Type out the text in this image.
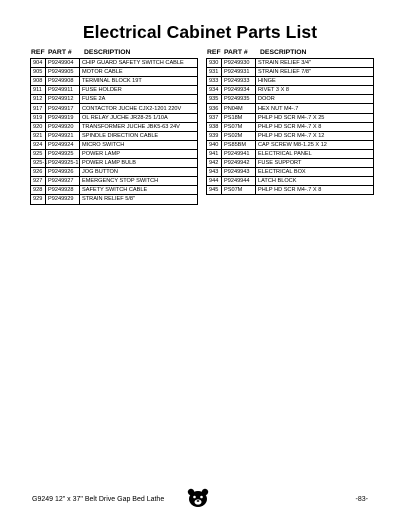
Electrical Cabinet Parts List
REF PART #	DESCRIPTION
904	P9249904	CHIP GUARD SAFETY SWITCH CABLE
905	P9249905	MOTOR CABLE
908	P9249908	TERMINAL BLOCK 19T
911	P9249911	FUSE HOLDER
912	P9249912	FUSE 2A
917	P9249917	CONTACTOR JUCHE CJX2-1201 220V
919	P9249919	OL RELAY JUCHE JR28-25 1/10A
920	P9249920	TRANSFORMER JUCHE JBK5-63 24V
921	P9249921	SPINDLE DIRECTION CABLE
924	P9249924	MICRO SWITCH
925	P9249925	POWER LAMP
925-1	P9249925-1	POWER LAMP BULB
926	P9249926	JOG BUTTON
927	P9249927	EMERGENCY STOP SWITCH
928	P9249928	SAFETY SWITCH CABLE
929	P9249929	STRAIN RELIEF 5/8"
REF PART #	DESCRIPTION
930	P9249930	STRAIN RELIEF 3/4"
931	P9249931	STRAIN RELIEF 7/8"
933	P9249933	HINGE
934	P9249934	RIVET 3 X 8
935	P9249935	DOOR
936	PN04M	HEX NUT M4-.7
937	PS18M	PHLP HD SCR M4-.7 X 25
938	PS07M	PHLP HD SCR M4-.7 X 8
939	PS02M	PHLP HD SCR M4-.7 X 12
940	PS85BM	CAP SCREW M8-1.25 X 12
941	P9249941	ELECTRICAL PANEL
942	P9249942	FUSE SUPPORT
943	P9249943	ELECTRICAL BOX
944	P9249944	LATCH BLOCK
945	PS07M	PHLP HD SCR M4-.7 X 8
G9249 12" x 37" Belt Drive Gap Bed Lathe	-83-
